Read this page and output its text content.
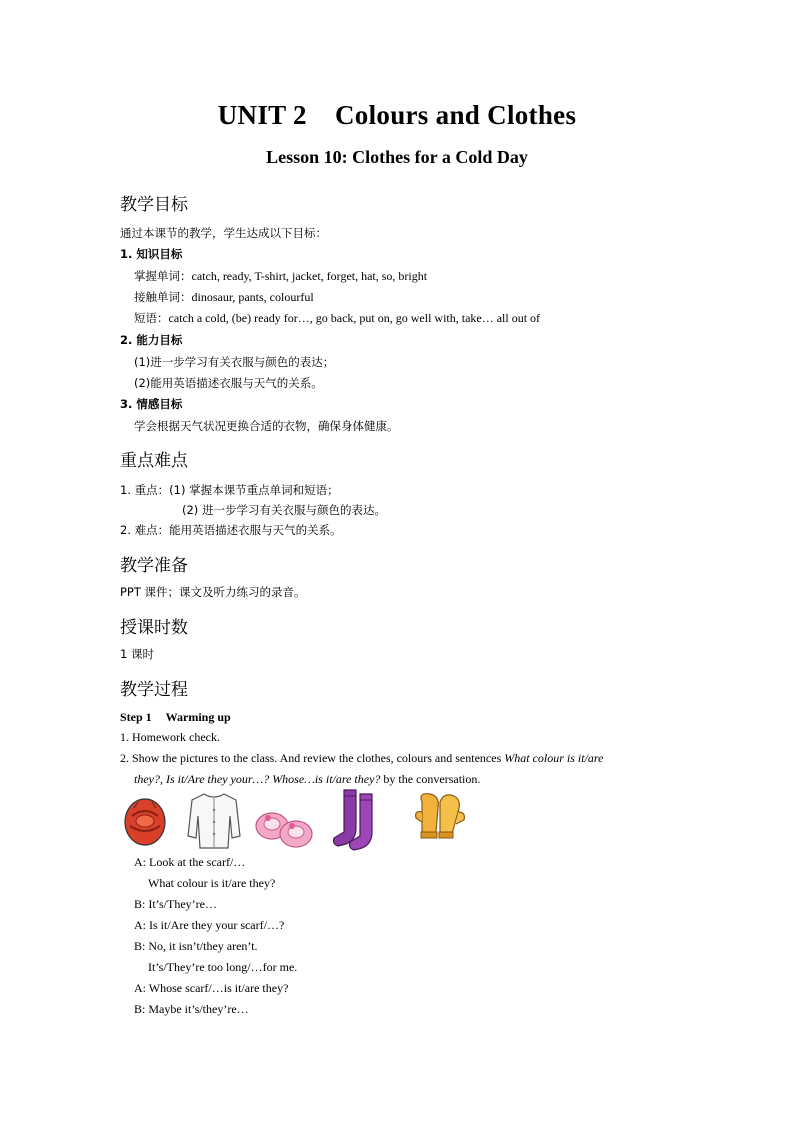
UNIT 2    Colours and Clothes
Lesson 10: Clothes for a Cold Day
教学目标
通过本课节的教学，学生达成以下目标：
1. 知识目标
掌握单词：catch, ready, T-shirt, jacket, forget, hat, so, bright
接触单词：dinosaur, pants, colourful
短语：catch a cold, (be) ready for…, go back, put on, go well with, take… all out of
2. 能力目标
(1)进一步学习有关衣服与颜色的表达；
(2)能用英语描述衣服与天气的关系。
3. 情感目标
学会根据天气状况更换合适的衣物，确保身体健康。
重点难点
1. 重点：(1) 掌握本课节重点单词和短语；
(2) 进一步学习有关衣服与颜色的表达。
2. 难点：能用英语描述衣服与天气的关系。
教学准备
PPT 课件；课文及听力练习的录音。
授课时数
1 课时
教学过程
Step 1 Warming up
1. Homework check.
2. Show the pictures to the class. And review the clothes, colours and sentences What colour is it/are
they?, Is it/Are they your…? Whose…is it/are they? by the conversation.
A: Look at the scarf/…
What colour is it/are they?
B: It’s/They’re…
A: Is it/Are they your scarf/…?
B: No, it isn’t/they aren’t.
It’s/They’re too long/…for me.
A: Whose scarf/…is it/are they?
B: Maybe it’s/they’re…
